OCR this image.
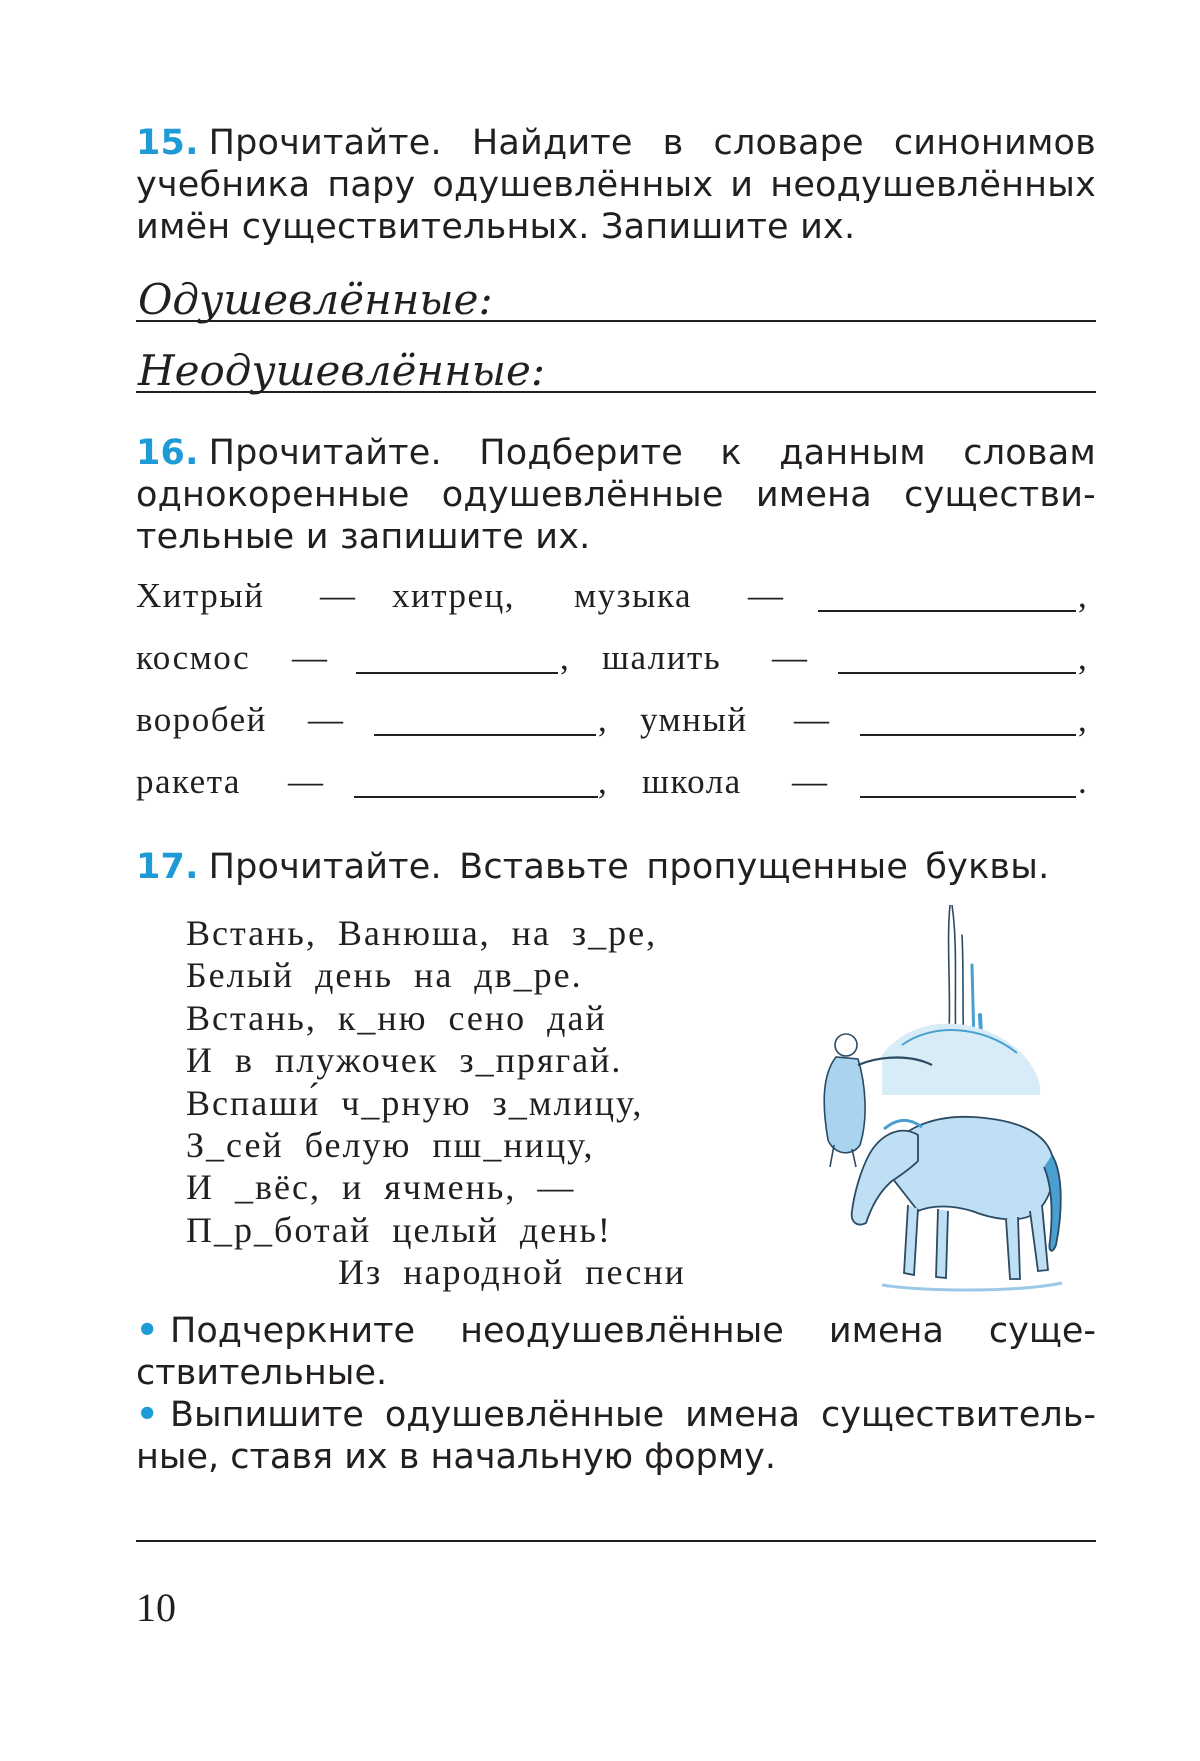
15. Прочитайте. Найдите в словаре синонимов
учебника пару одушевлённых и неодушевлённых
имён существительных. Запишите их.
Одушевлённые:
Неодушевлённые:
16. Прочитайте. Подберите к данным словам
однокоренные одушевлённые имена существи-
тельные и запишите их.
Хитрый — хитрец, музыка —	,
космос —	, шалить —	,
воробей —	, умный —	,
ракета —	, школа —	.
17. Прочитайте. Вставьте пропущенные буквы.
Встань, Ванюша, на з_ре,
Белый день на дв_ре.
Встань, к_ню сено дай
И в плужочек з_прягай.
Вспаши́ ч_рную з_млицу,
З_сей белую пш_ницу,
И _вёс, и ячмень, —
П_р_ботай целый день!
Из народной песни
• Подчеркните неодушевлённые имена суще-
ствительные.
• Выпишите одушевлённые имена существитель-
ные, ставя их в начальную форму.
10
